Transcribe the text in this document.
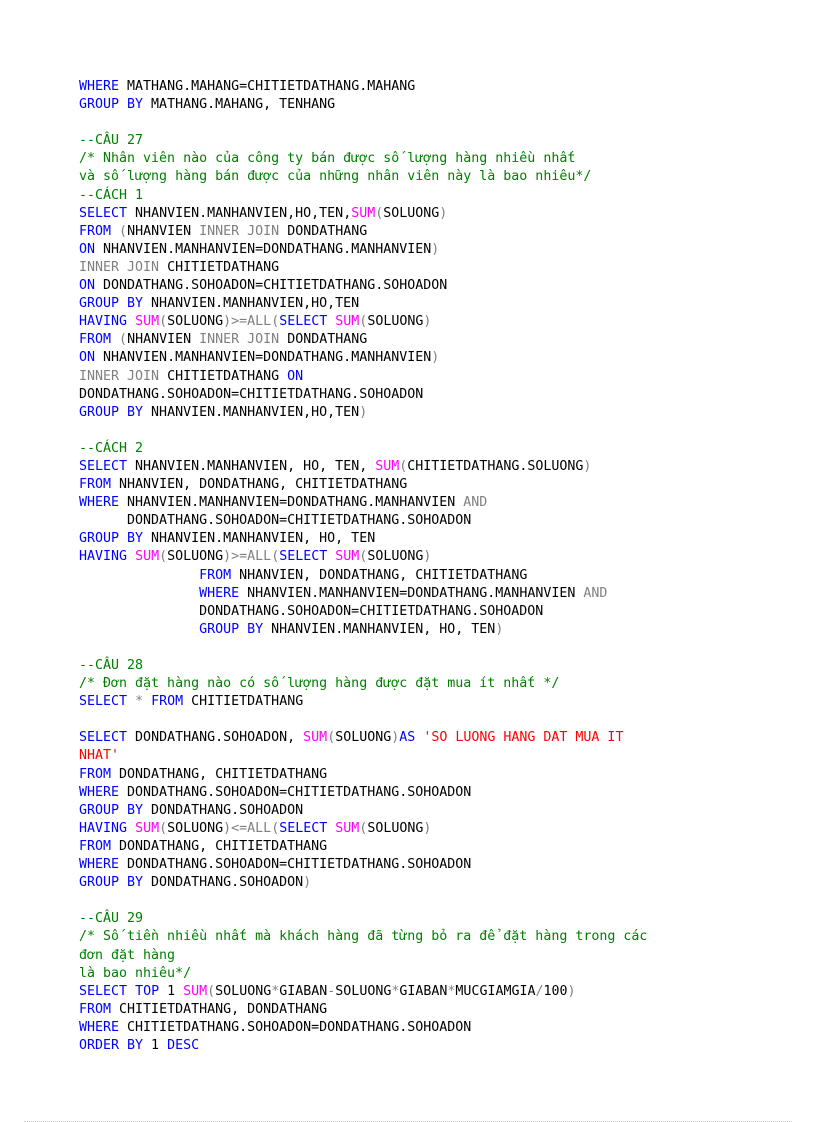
WHERE MATHANG.MAHANG=CHITIETDATHANG.MAHANG
GROUP BY MATHANG.MAHANG, TENHANG
--CÂU 27
/* Nhân viên nào của công ty bán được số lượng hàng nhiều nhất
và số lượng hàng bán được của những nhân viên này là bao nhiêu*/
--CÁCH 1
SELECT NHANVIEN.MANHANVIEN,HO,TEN,SUM(SOLUONG)
FROM (NHANVIEN INNER JOIN DONDATHANG
ON NHANVIEN.MANHANVIEN=DONDATHANG.MANHANVIEN)
INNER JOIN CHITIETDATHANG
ON DONDATHANG.SOHOADON=CHITIETDATHANG.SOHOADON
GROUP BY NHANVIEN.MANHANVIEN,HO,TEN
HAVING SUM(SOLUONG)>=ALL(SELECT SUM(SOLUONG)
FROM (NHANVIEN INNER JOIN DONDATHANG
ON NHANVIEN.MANHANVIEN=DONDATHANG.MANHANVIEN)
INNER JOIN CHITIETDATHANG ON
DONDATHANG.SOHOADON=CHITIETDATHANG.SOHOADON
GROUP BY NHANVIEN.MANHANVIEN,HO,TEN)
--CÁCH 2
SELECT NHANVIEN.MANHANVIEN, HO, TEN, SUM(CHITIETDATHANG.SOLUONG)
FROM NHANVIEN, DONDATHANG, CHITIETDATHANG
WHERE NHANVIEN.MANHANVIEN=DONDATHANG.MANHANVIEN AND
DONDATHANG.SOHOADON=CHITIETDATHANG.SOHOADON
GROUP BY NHANVIEN.MANHANVIEN, HO, TEN
HAVING SUM(SOLUONG)>=ALL(SELECT SUM(SOLUONG)
FROM NHANVIEN, DONDATHANG, CHITIETDATHANG
WHERE NHANVIEN.MANHANVIEN=DONDATHANG.MANHANVIEN AND
DONDATHANG.SOHOADON=CHITIETDATHANG.SOHOADON
GROUP BY NHANVIEN.MANHANVIEN, HO, TEN)
--CÂU 28
/* Đơn đặt hàng nào có số lượng hàng được đặt mua ít nhất */
SELECT * FROM CHITIETDATHANG
SELECT DONDATHANG.SOHOADON, SUM(SOLUONG)AS 'SO LUONG HANG DAT MUA IT
NHAT'
FROM DONDATHANG, CHITIETDATHANG
WHERE DONDATHANG.SOHOADON=CHITIETDATHANG.SOHOADON
GROUP BY DONDATHANG.SOHOADON
HAVING SUM(SOLUONG)<=ALL(SELECT SUM(SOLUONG)
FROM DONDATHANG, CHITIETDATHANG
WHERE DONDATHANG.SOHOADON=CHITIETDATHANG.SOHOADON
GROUP BY DONDATHANG.SOHOADON)
--CÂU 29
/* Số tiền nhiều nhất mà khách hàng đã từng bỏ ra để đặt hàng trong các
đơn đặt hàng
là bao nhiêu*/
SELECT TOP 1 SUM(SOLUONG*GIABAN-SOLUONG*GIABAN*MUCGIAMGIA/100)
FROM CHITIETDATHANG, DONDATHANG
WHERE CHITIETDATHANG.SOHOADON=DONDATHANG.SOHOADON
ORDER BY 1 DESC
